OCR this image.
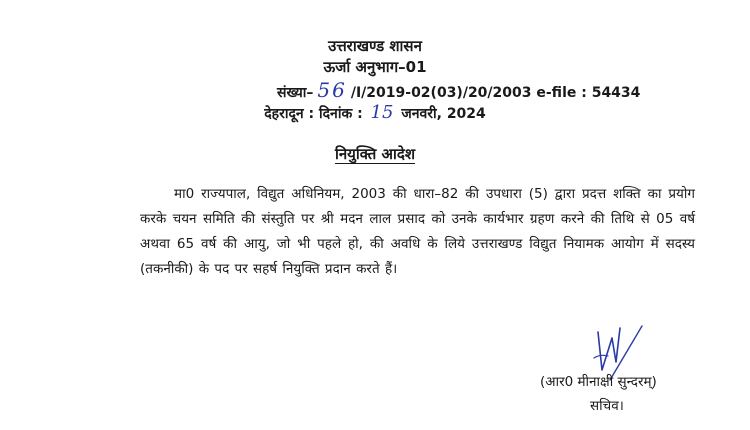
उत्तराखण्ड शासन
ऊर्जा अनुभाग–01
संख्या– 56 /I/2019-02(03)/20/2003 e-file : 54434
देहरादून : दिनांक : 15 जनवरी, 2024
नियुक्ति आदेश
मा0 राज्यपाल, विद्युत अधिनियम, 2003 की धारा–82 की उपधारा (5) द्वारा प्रदत्त शक्ति का प्रयोग करके चयन समिति की संस्तुति पर श्री मदन लाल प्रसाद को उनके कार्यभार ग्रहण करने की तिथि से 05 वर्ष अथवा 65 वर्ष की आयु, जो भी पहले हो, की अवधि के लिये उत्तराखण्ड विद्युत नियामक आयोग में सदस्य (तकनीकी) के पद पर सहर्ष नियुक्ति प्रदान करते हैं।
(आर0 मीनाक्षी सुन्दरम्)
सचिव।
